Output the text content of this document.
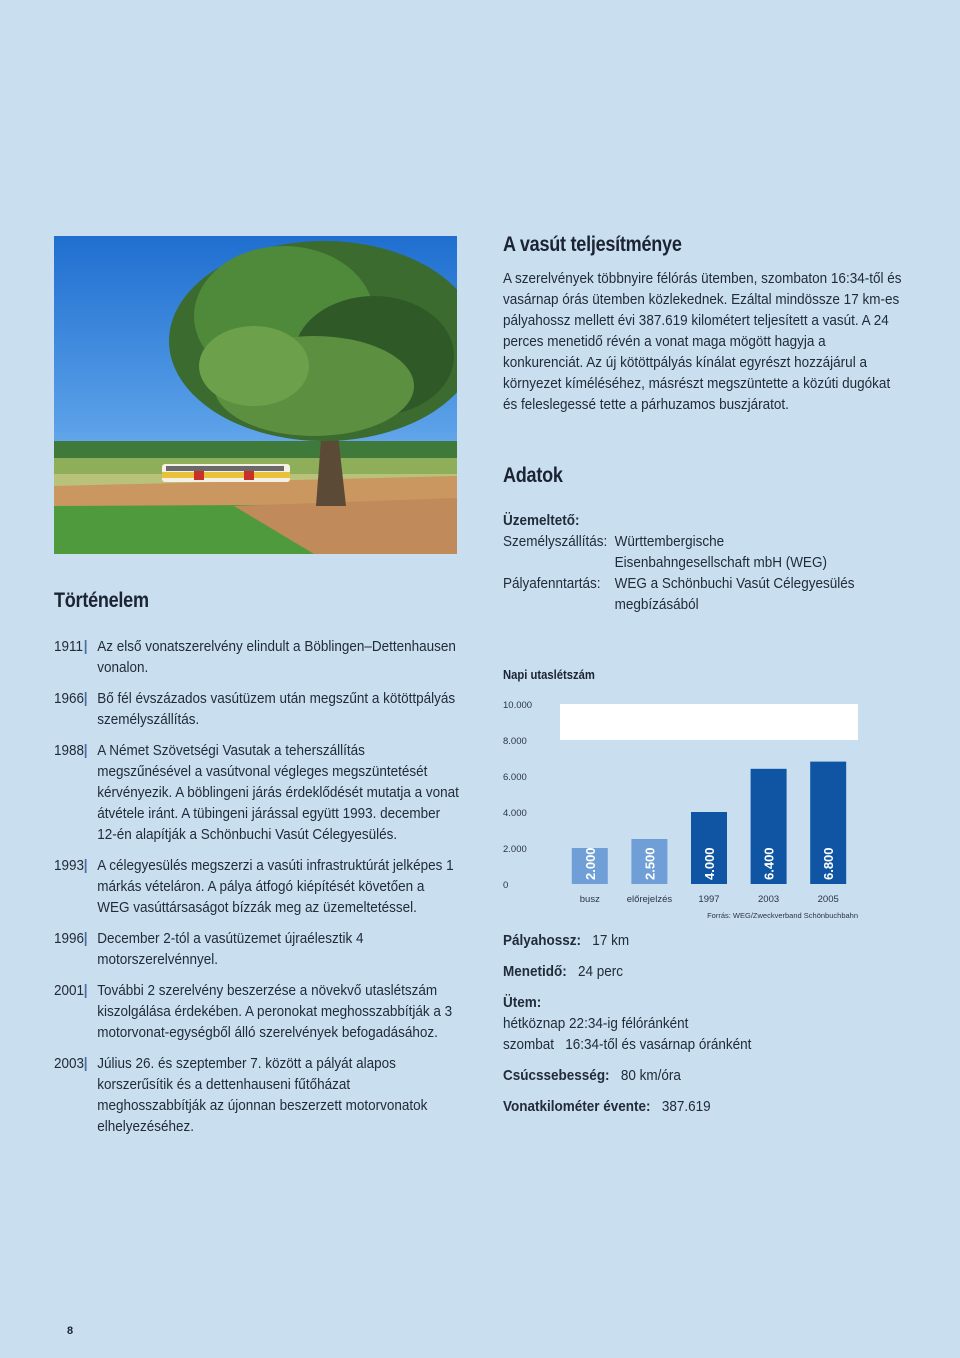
A vasút teljesítménye
A szerelvények többnyire félórás ütemben, szombaton 16:34-től és vasárnap órás ütemben közlekednek. Ezáltal mindössze 17 km-es pályahossz mellett évi 387.619 kilométert teljesített a vasút. A 24 perces menetidő révén a vonat maga mögött hagyja a konkurenciát. Az új kötöttpályás kínálat egyrészt hozzájárul a környezet kíméléséhez, másrészt megszüntette a közúti dugókat és feleslegessé tette a párhuzamos buszjáratot.
Adatok
Üzemeltető:
Személyszállítás: Württembergische
Eisenbahngesellschaft mbH (WEG)
Pályafenntartás: WEG a Schönbuchi Vasút Célegyesülés
megbízásából
Történelem
1911 | Az első vonatszerelvény elindult a Böblingen–Dettenhausen vonalon.
1966 | Bő fél évszázados vasútüzem után megszűnt a kötöttpályás személyszállítás.
1988 | A Német Szövetségi Vasutak a teherszállítás megszűnésével a vasútvonal végleges megszüntetését kérvényezik. A böblingeni járás érdeklődését mutatja a vonat átvétele iránt. A tübingeni járással együtt 1993. december 12-én alapítják a Schönbuchi Vasút Célegyesülés.
1993 | A célegyesülés megszerzi a vasúti infrastruktúrát jelképes 1 márkás vételáron. A pálya átfogó kiépítését követően a WEG vasúttársaságot bízzák meg az üzemeltetéssel.
1996 | December 2-tól a vasútüzemet újraélesztik 4 motorszerelvénnyel.
2001 | További 2 szerelvény beszerzése a növekvő utaslétszám kiszolgálása érdekében. A peronokat meghosszabbítják a 3 motorvonat-egységből álló szerelvények befogadásához.
2003 | Július 26. és szeptember 7. között a pályát alapos korszerűsítik és a dettenhauseni fűtőházat meghosszabbítják az újonnan beszerzett motorvonatok elhelyezéséhez.
Napi utaslétszám
10.000
8.000
6.000
4.000
2.000
0
2.000
busz
2.500
előrejelzés
4.000
1997
6.400
2003
6.800
2005
Forrás: WEG/Zweckverband Schönbuchbahn
Pályahossz: 17 km
Menetidő: 24 perc
Ütem:
hétköznap 22:34-ig félóránként
szombat   16:34-től és vasárnap óránként
Csúcssebesség: 80 km/óra
Vonatkilométer évente: 387.619
8
